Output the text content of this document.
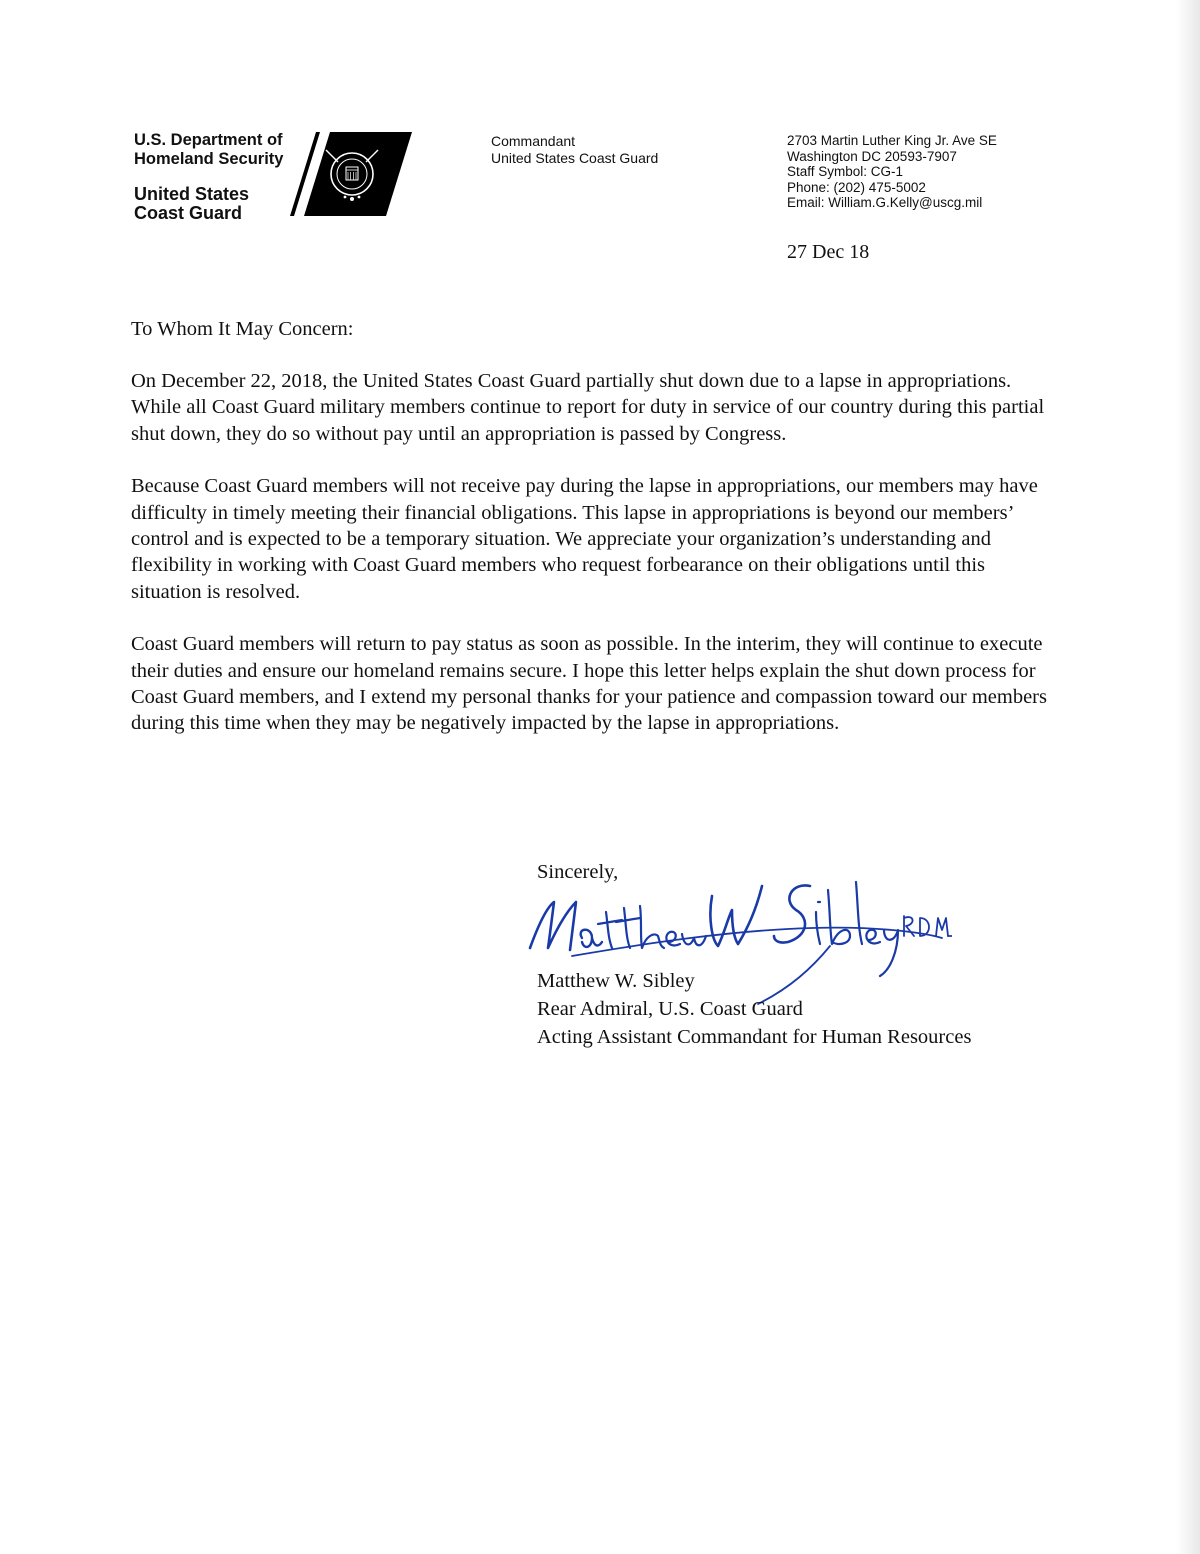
U.S. Department of
Homeland Security
United States
Coast Guard
Commandant
United States Coast Guard
2703 Martin Luther King Jr. Ave SE
Washington DC 20593-7907
Staff Symbol: CG-1
Phone: (202) 475-5002
Email: William.G.Kelly@uscg.mil
27 Dec 18
To Whom It May Concern:

On December 22, 2018, the United States Coast Guard partially shut down due to a lapse in appropriations. While all Coast Guard military members continue to report for duty in service of our country during this partial shut down, they do so without pay until an appropriation is passed by Congress.

Because Coast Guard members will not receive pay during the lapse in appropriations, our members may have difficulty in timely meeting their financial obligations. This lapse in appropriations is beyond our members’ control and is expected to be a temporary situation. We appreciate your organization’s understanding and flexibility in working with Coast Guard members who request forbearance on their obligations until this situation is resolved.

Coast Guard members will return to pay status as soon as possible. In the interim, they will continue to execute their duties and ensure our homeland remains secure. I hope this letter helps explain the shut down process for Coast Guard members, and I extend my personal thanks for your patience and compassion toward our members during this time when they may be negatively impacted by the lapse in appropriations.

Sincerely,
Matthew W. Sibley
Rear Admiral, U.S. Coast Guard
Acting Assistant Commandant for Human Resources
